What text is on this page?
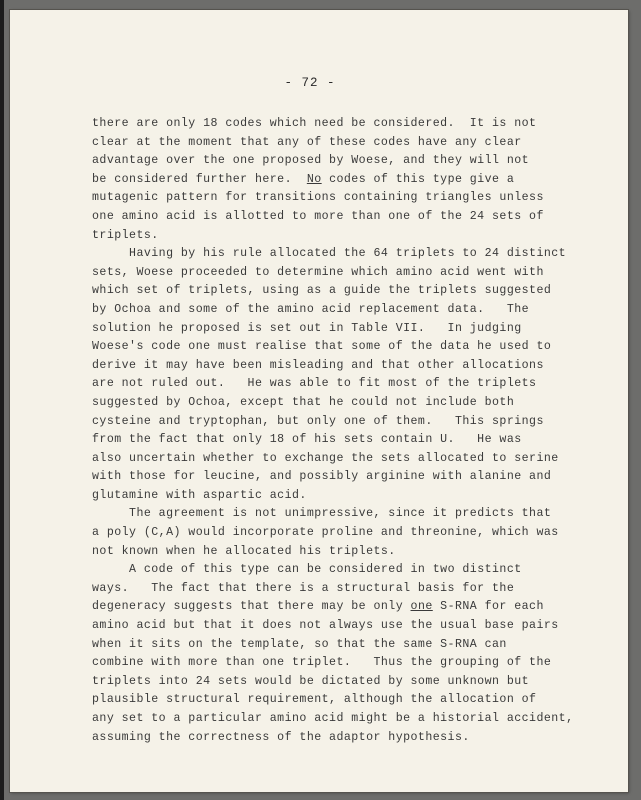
- 72 -
there are only 18 codes which need be considered.  It is not
clear at the moment that any of these codes have any clear
advantage over the one proposed by Woese, and they will not
be considered further here.  No codes of this type give a
mutagenic pattern for transitions containing triangles unless
one amino acid is allotted to more than one of the 24 sets of
triplets.
Having by his rule allocated the 64 triplets to 24 distinct
sets, Woese proceeded to determine which amino acid went with
which set of triplets, using as a guide the triplets suggested
by Ochoa and some of the amino acid replacement data.   The
solution he proposed is set out in Table VII.   In judging
Woese's code one must realise that some of the data he used to
derive it may have been misleading and that other allocations
are not ruled out.   He was able to fit most of the triplets
suggested by Ochoa, except that he could not include both
cysteine and tryptophan, but only one of them.   This springs
from the fact that only 18 of his sets contain U.   He was
also uncertain whether to exchange the sets allocated to serine
with those for leucine, and possibly arginine with alanine and
glutamine with aspartic acid.
The agreement is not unimpressive, since it predicts that
a poly (C,A) would incorporate proline and threonine, which was
not known when he allocated his triplets.
A code of this type can be considered in two distinct
ways.   The fact that there is a structural basis for the
degeneracy suggests that there may be only one S-RNA for each
amino acid but that it does not always use the usual base pairs
when it sits on the template, so that the same S-RNA can
combine with more than one triplet.   Thus the grouping of the
triplets into 24 sets would be dictated by some unknown but
plausible structural requirement, although the allocation of
any set to a particular amino acid might be a historial accident,
assuming the correctness of the adaptor hypothesis.
